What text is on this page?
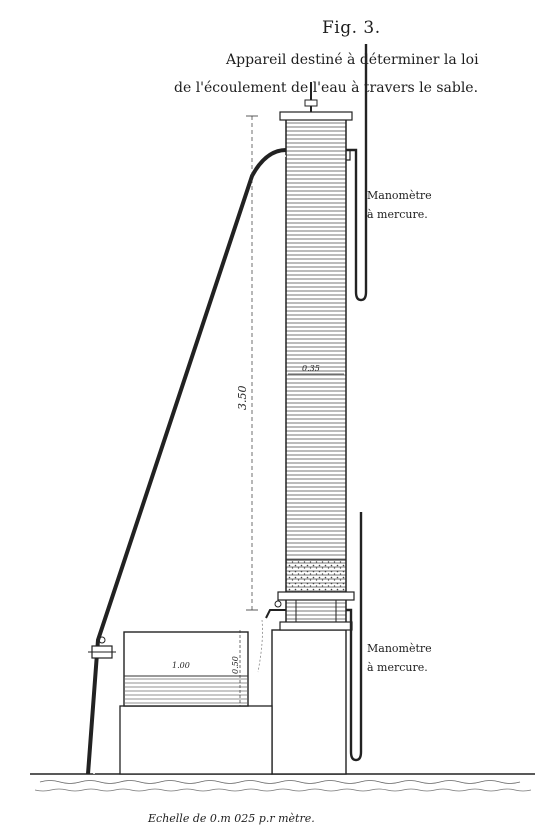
Fig. 3.
Appareil destiné à déterminer la loi
de l'écoulement de l'eau à travers le sable.
3.50
0.35
1.00	0.50
Manomètre
à mercure.
Manomètre
à mercure.
Echelle de 0.m 025 p.r mètre.
